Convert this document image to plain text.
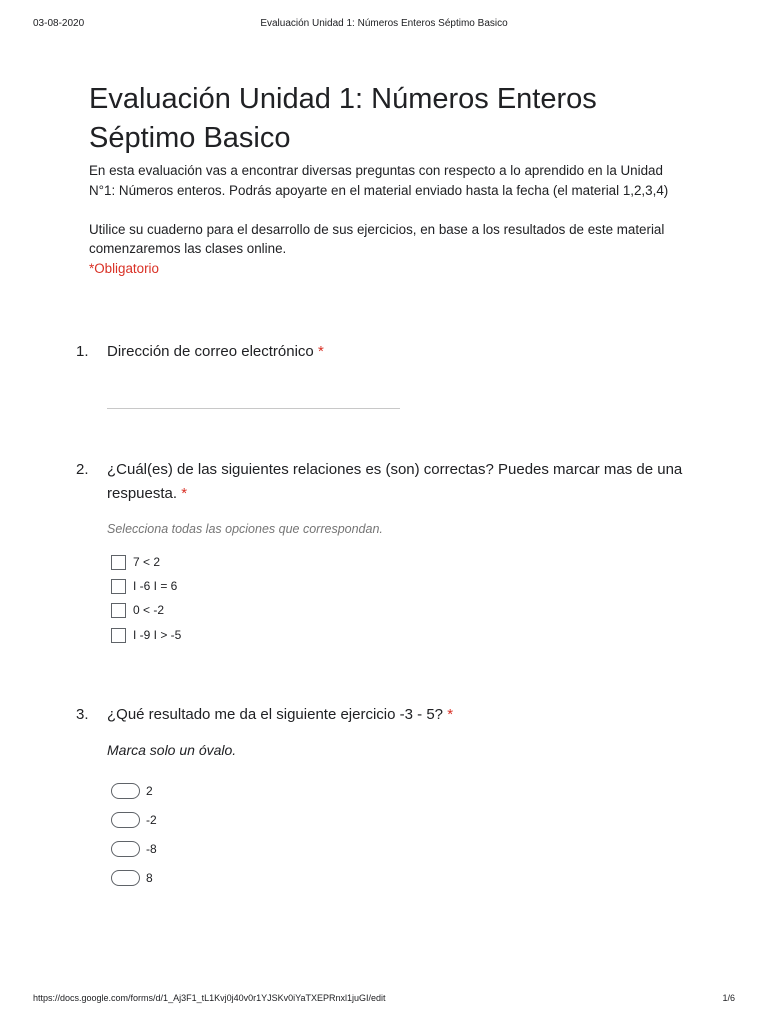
03-08-2020	Evaluación Unidad 1: Números Enteros Séptimo Basico
Evaluación Unidad 1: Números Enteros Séptimo Basico

En esta evaluación vas a encontrar diversas preguntas con respecto a lo aprendido en la Unidad N°1: Números enteros. Podrás apoyarte en el material enviado hasta la fecha (el material 1,2,3,4)

Utilice su cuaderno para el desarrollo de sus ejercicios, en base a los resultados de este material comenzaremos las clases online.

*Obligatorio

1. Dirección de correo electrónico *
2. ¿Cuál(es) de las siguientes relaciones es (son) correctas? Puedes marcar mas de una respuesta. *
Selecciona todas las opciones que correspondan.
7 < 2
I -6 I = 6
0 < -2
I -9 I > -5
3. ¿Qué resultado me da el siguiente ejercicio -3 - 5? *
Marca solo un óvalo.
2
-2
-8
8
https://docs.google.com/forms/d/1_Aj3F1_tL1Kvj0j40v0r1YJSKv0iYaTXEPRnxl1juGI/edit	1/6
